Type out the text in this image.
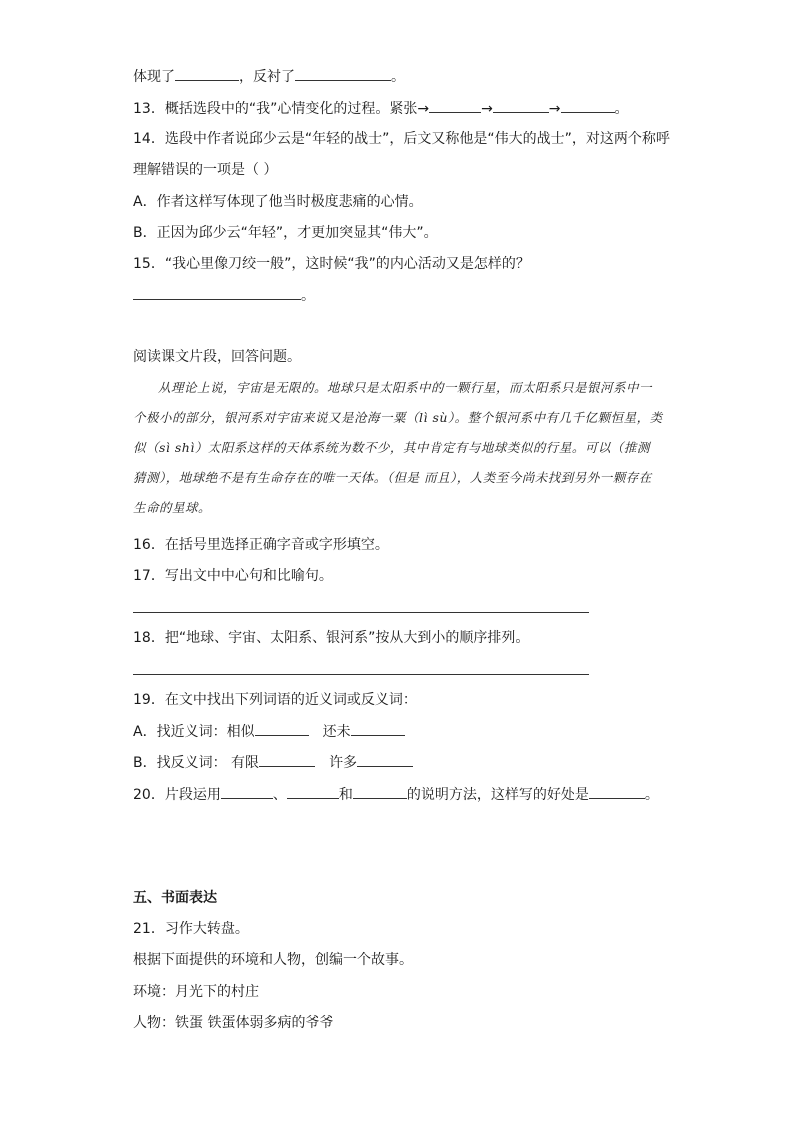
体现了	，反衬了	。
13．概括选段中的“我”心情变化的过程。紧张→	→	→	。
14．选段中作者说邱少云是“年轻的战士”，后文又称他是“伟大的战士”，对这两个称呼
理解错误的一项是（ ）
A．作者这样写体现了他当时极度悲痛的心情。
B．正因为邱少云“年轻”，才更加突显其“伟大”。
15．“我心里像刀绞一般”，这时候“我”的内心活动又是怎样的？
。
阅读课文片段，回答问题。
从理论上说，宇宙是无限的。地球只是太阳系中的一颗行星，而太阳系只是银河系中一个极小的部分，银河系对宇宙来说又是沧海一粟（lì sù）。整个银河系中有几千亿颗恒星，类似（sì shì）太阳系这样的天体系统为数不少，其中肯定有与地球类似的行星。可以（推测 猜测），地球绝不是有生命存在的唯一天体。（但是 而且），人类至今尚未找到另外一颗存在生命的星球。
16．在括号里选择正确字音或字形填空。
17．写出文中中心句和比喻句。
18．把“地球、宇宙、太阳系、银河系”按从大到小的顺序排列。
19．在文中找出下列词语的近义词或反义词：
A．找近义词：相似	还未
B．找反义词： 有限	许多
20．片段运用	、	和	的说明方法，这样写的好处是	。
五、书面表达
21．习作大转盘。
根据下面提供的环境和人物，创编一个故事。
环境：月光下的村庄
人物：铁蛋 铁蛋体弱多病的爷爷
